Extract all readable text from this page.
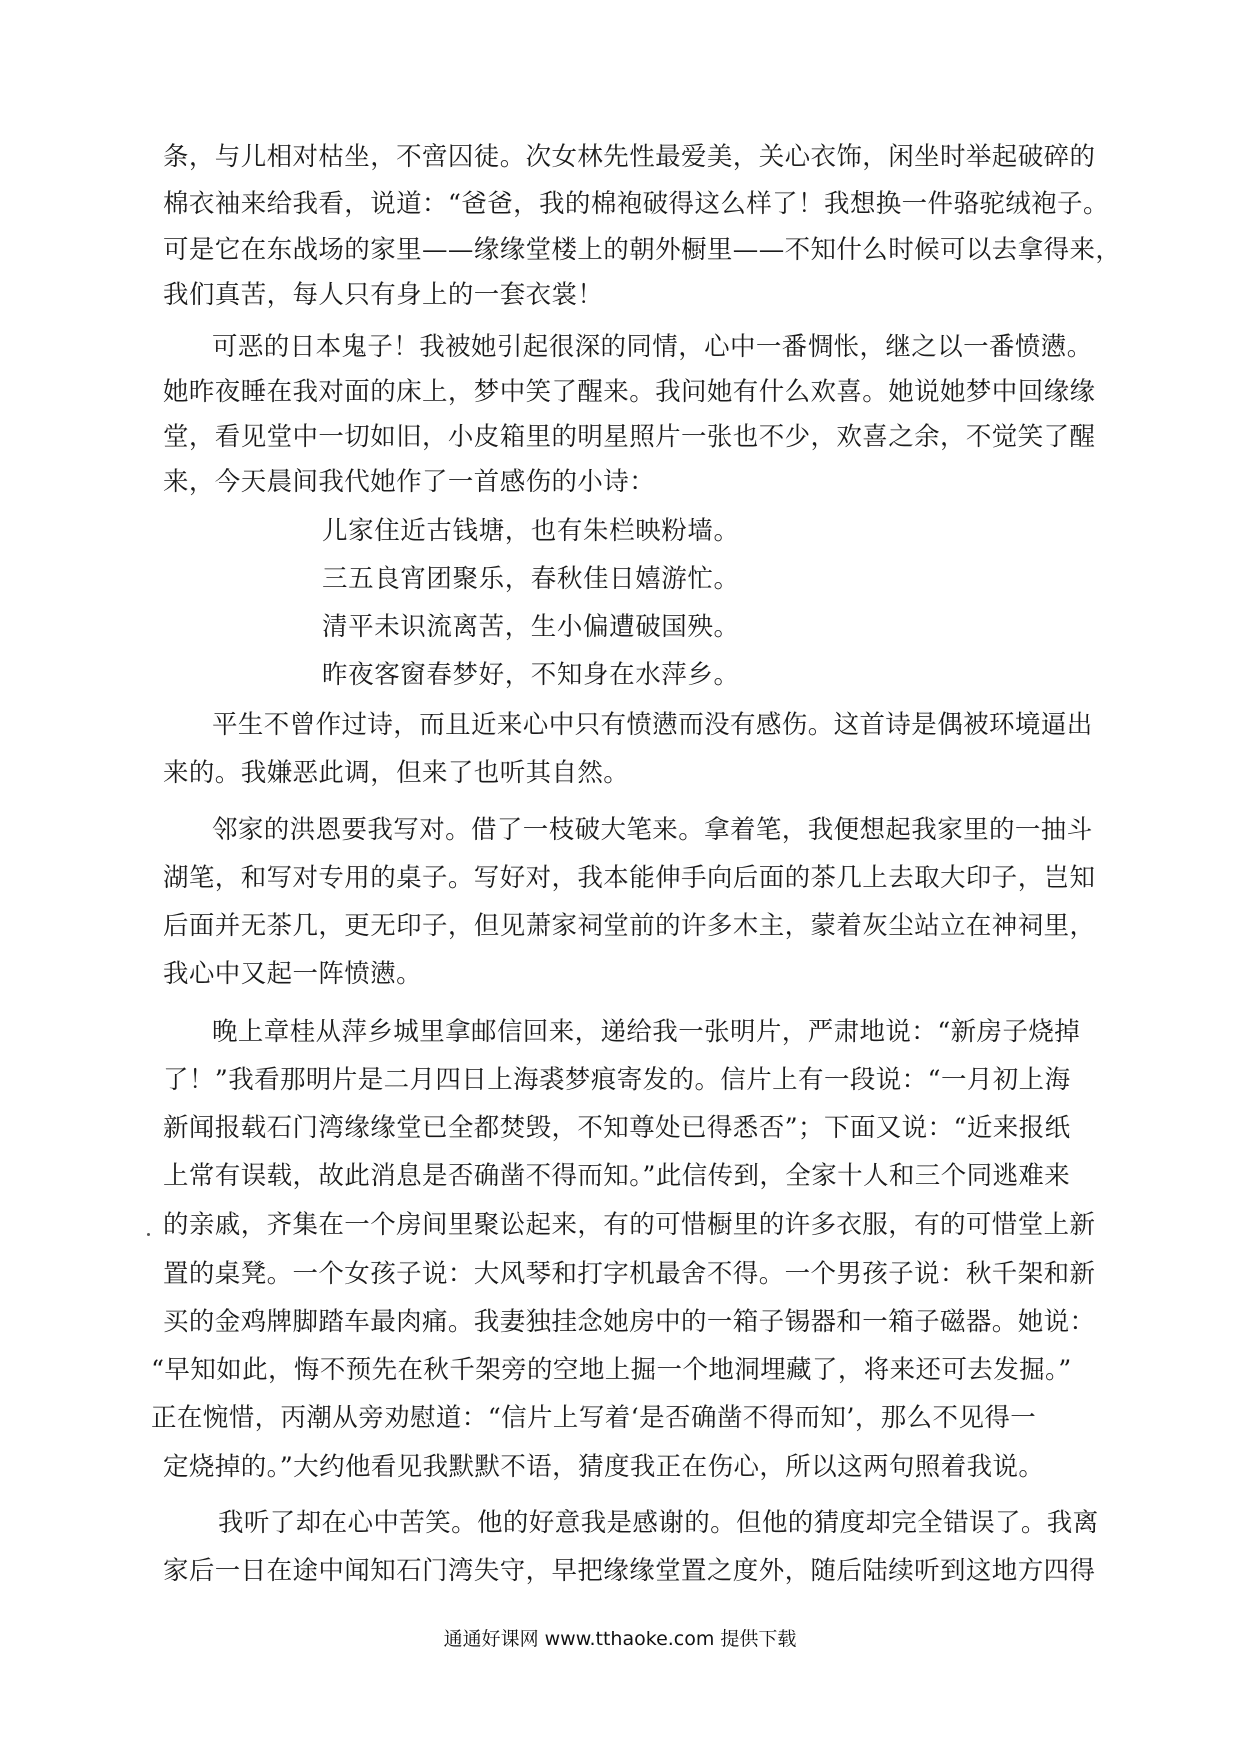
条，与儿相对枯坐，不啻囚徒。次女林先性最爱美，关心衣饰，闲坐时举起破碎的
棉衣袖来给我看，说道：“爸爸，我的棉袍破得这么样了！我想换一件骆驼绒袍子。
可是它在东战场的家里——缘缘堂楼上的朝外橱里——不知什么时候可以去拿得来，
我们真苦，每人只有身上的一套衣裳！
可恶的日本鬼子！我被她引起很深的同情，心中一番惆怅，继之以一番愤懑。
她昨夜睡在我对面的床上，梦中笑了醒来。我问她有什么欢喜。她说她梦中回缘缘
堂，看见堂中一切如旧，小皮箱里的明星照片一张也不少，欢喜之余，不觉笑了醒
来，今天晨间我代她作了一首感伤的小诗：
儿家住近古钱塘，也有朱栏映粉墙。
三五良宵团聚乐，春秋佳日嬉游忙。
清平未识流离苦，生小偏遭破国殃。
昨夜客窗春梦好，不知身在水萍乡。
平生不曾作过诗，而且近来心中只有愤懑而没有感伤。这首诗是偶被环境逼出
来的。我嫌恶此调，但来了也听其自然。
邻家的洪恩要我写对。借了一枝破大笔来。拿着笔，我便想起我家里的一抽斗
湖笔，和写对专用的桌子。写好对，我本能伸手向后面的茶几上去取大印子，岂知
后面并无茶几，更无印子，但见萧家祠堂前的许多木主，蒙着灰尘站立在神祠里，
我心中又起一阵愤懑。
晚上章桂从萍乡城里拿邮信回来，递给我一张明片，严肃地说：“新房子烧掉
了！”我看那明片是二月四日上海裘梦痕寄发的。信片上有一段说：“一月初上海
新闻报载石门湾缘缘堂已全都焚毁，不知尊处已得悉否”；下面又说：“近来报纸
上常有误载，故此消息是否确凿不得而知。”此信传到，全家十人和三个同逃难来
的亲戚，齐集在一个房间里聚讼起来，有的可惜橱里的许多衣服，有的可惜堂上新
置的桌凳。一个女孩子说：大风琴和打字机最舍不得。一个男孩子说：秋千架和新
买的金鸡牌脚踏车最肉痛。我妻独挂念她房中的一箱子锡器和一箱子磁器。她说：
“早知如此，悔不预先在秋千架旁的空地上掘一个地洞埋藏了，将来还可去发掘。”
正在惋惜，丙潮从旁劝慰道：“信片上写着‘是否确凿不得而知’，那么不见得一
定烧掉的。”大约他看见我默默不语，猜度我正在伤心，所以这两句照着我说。
我听了却在心中苦笑。他的好意我是感谢的。但他的猜度却完全错误了。我离
家后一日在途中闻知石门湾失守，早把缘缘堂置之度外，随后陆续听到这地方四得
通通好课网 www.tthaoke.com 提供下载
